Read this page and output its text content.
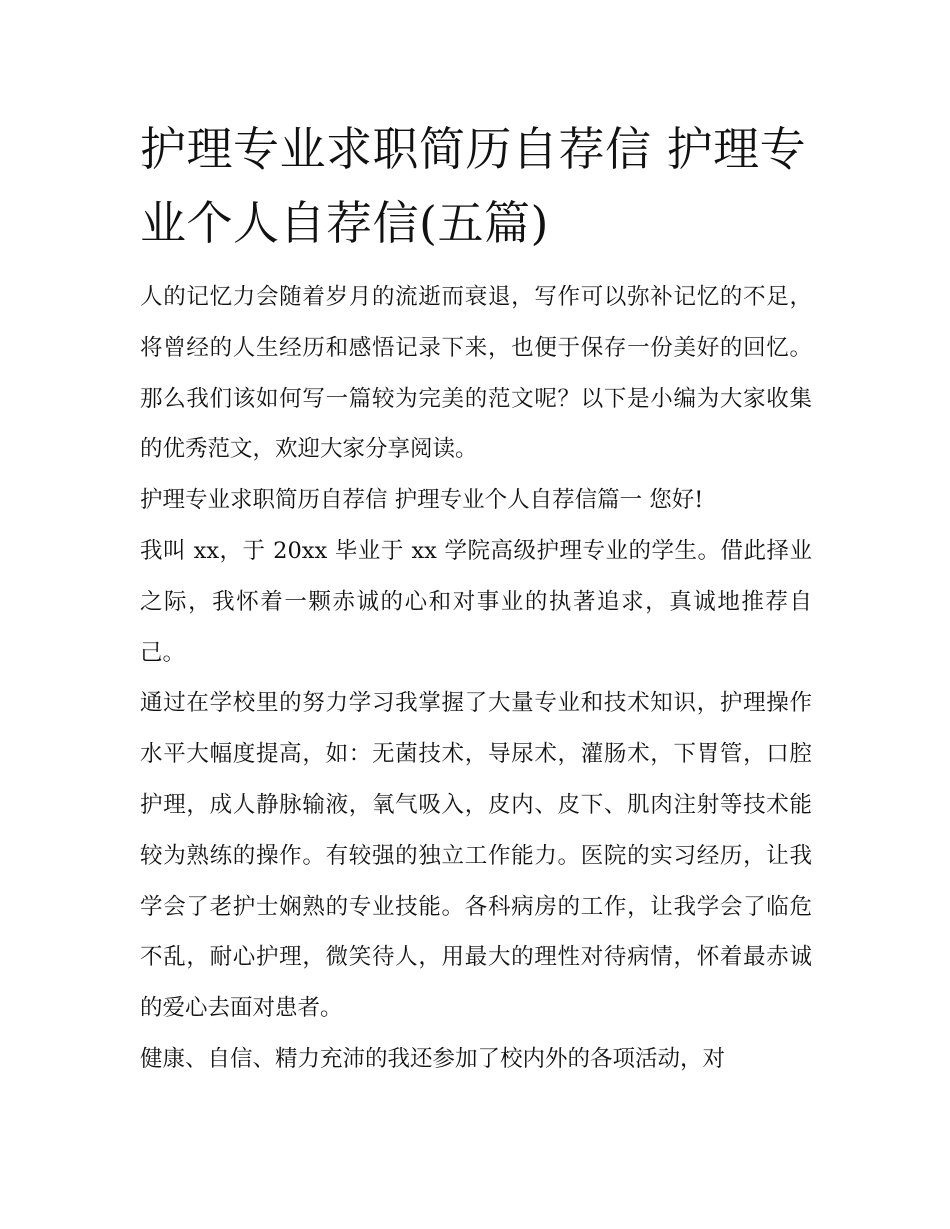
护理专业求职简历自荐信 护理专业个人自荐信(五篇)

人的记忆力会随着岁月的流逝而衰退，写作可以弥补记忆的不足，将曾经的人生经历和感悟记录下来，也便于保存一份美好的回忆。那么我们该如何写一篇较为完美的范文呢？以下是小编为大家收集的优秀范文，欢迎大家分享阅读。

护理专业求职简历自荐信 护理专业个人自荐信篇一 您好!

我叫 xx，于 20xx 毕业于 xx 学院高级护理专业的学生。借此择业之际，我怀着一颗赤诚的心和对事业的执著追求，真诚地推荐自己。

通过在学校里的努力学习我掌握了大量专业和技术知识，护理操作水平大幅度提高，如：无菌技术，导尿术，灌肠术，下胃管，口腔护理，成人静脉输液，氧气吸入，皮内、皮下、肌肉注射等技术能较为熟练的操作。有较强的独立工作能力。医院的实习经历，让我学会了老护士娴熟的专业技能。各科病房的工作，让我学会了临危不乱，耐心护理，微笑待人，用最大的理性对待病情，怀着最赤诚的爱心去面对患者。

健康、自信、精力充沛的我还参加了校内外的各项活动，对
